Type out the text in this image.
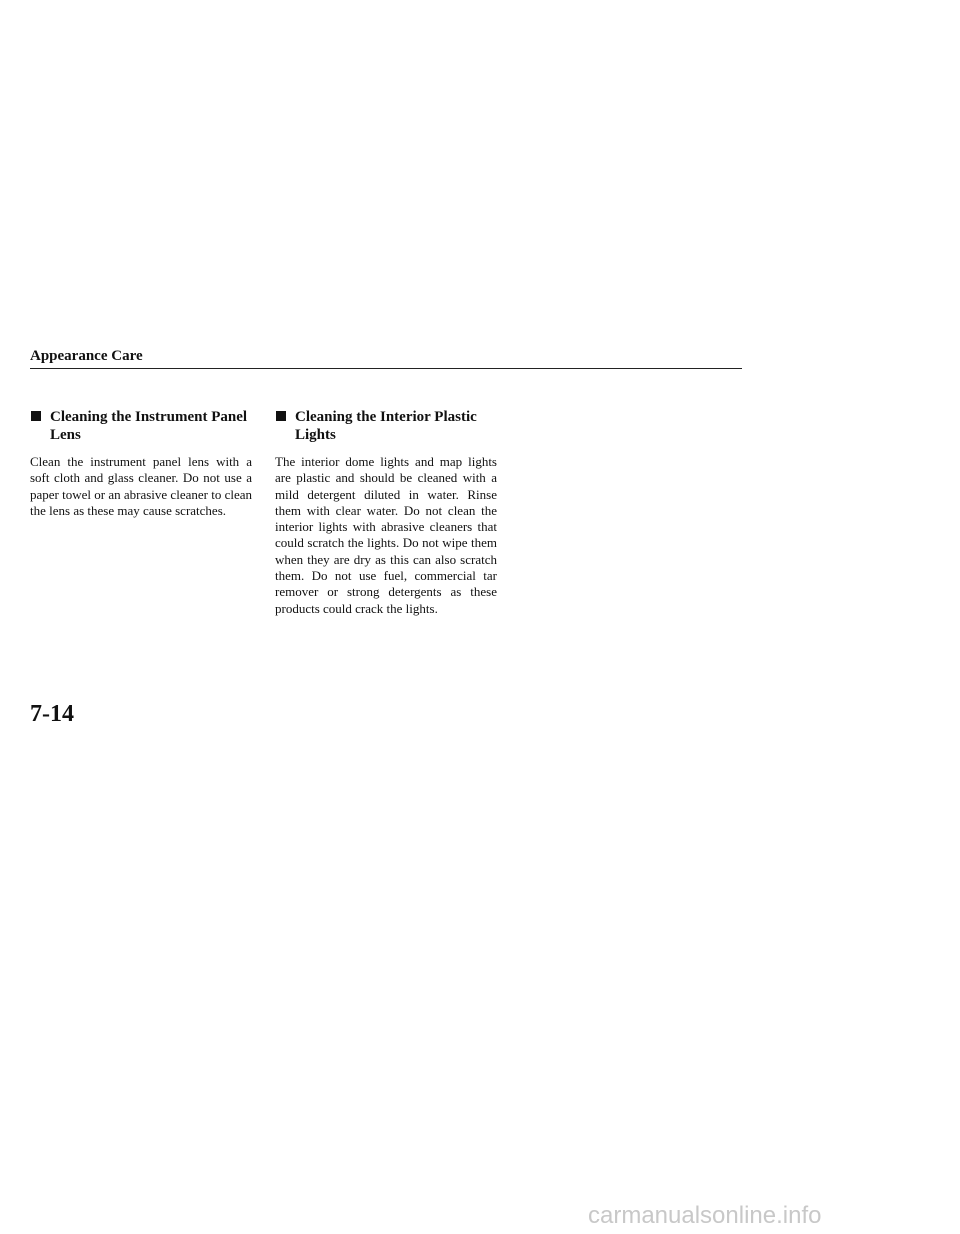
Appearance Care
Cleaning the Instrument Panel Lens

Clean the instrument panel lens with a soft cloth and glass cleaner. Do not use a paper towel or an abrasive cleaner to clean the lens as these may cause scratches.

Cleaning the Interior Plastic Lights

The interior dome lights and map lights are plastic and should be cleaned with a mild detergent diluted in water. Rinse them with clear water. Do not clean the interior lights with abrasive cleaners that could scratch the lights. Do not wipe them when they are dry as this can also scratch them. Do not use fuel, commercial tar remover or strong detergents as these products could crack the lights.

7-14
carmanualsonline.info
